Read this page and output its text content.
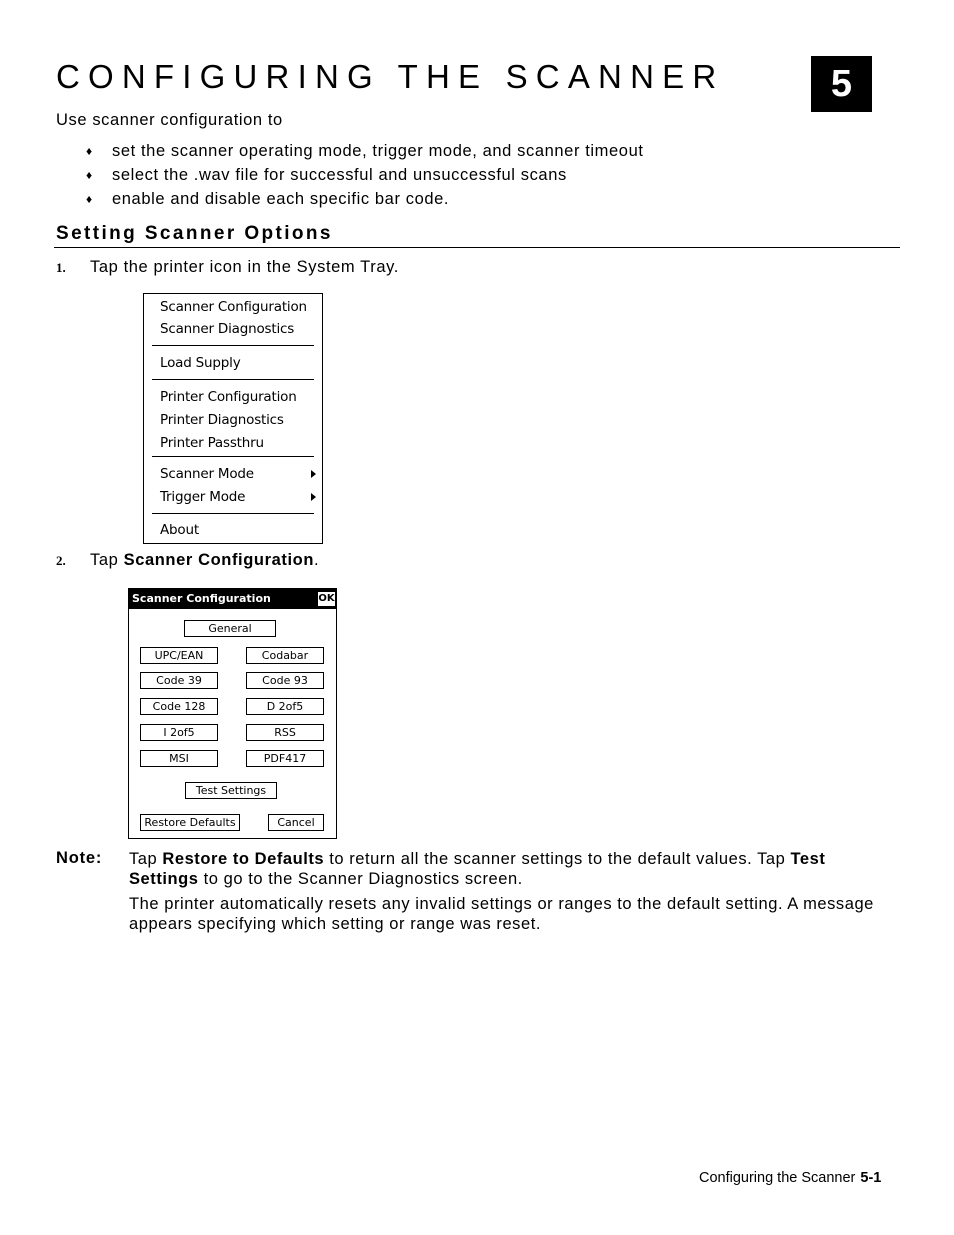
CONFIGURING THE SCANNER	5
Use scanner configuration to
♦ set the scanner operating mode, trigger mode, and scanner timeout
♦ select the .wav file for successful and unsuccessful scans
♦ enable and disable each specific bar code.
Setting Scanner Options
1. Tap the printer icon in the System Tray.
Scanner Configuration
Scanner Diagnostics
Load Supply
Printer Configuration
Printer Diagnostics
Printer Passthru
Scanner Mode
Trigger Mode
About
2. Tap Scanner Configuration.
Scanner Configuration	OK
General
UPC/EAN	Codabar
Code 39	Code 93
Code 128	D 2of5
I 2of5	RSS
MSI	PDF417
Test Settings
Restore Defaults	Cancel
Note: Tap Restore to Defaults to return all the scanner settings to the default values. Tap Test Settings to go to the Scanner Diagnostics screen.
The printer automatically resets any invalid settings or ranges to the default setting. A message appears specifying which setting or range was reset.
Configuring the Scanner 5-1
